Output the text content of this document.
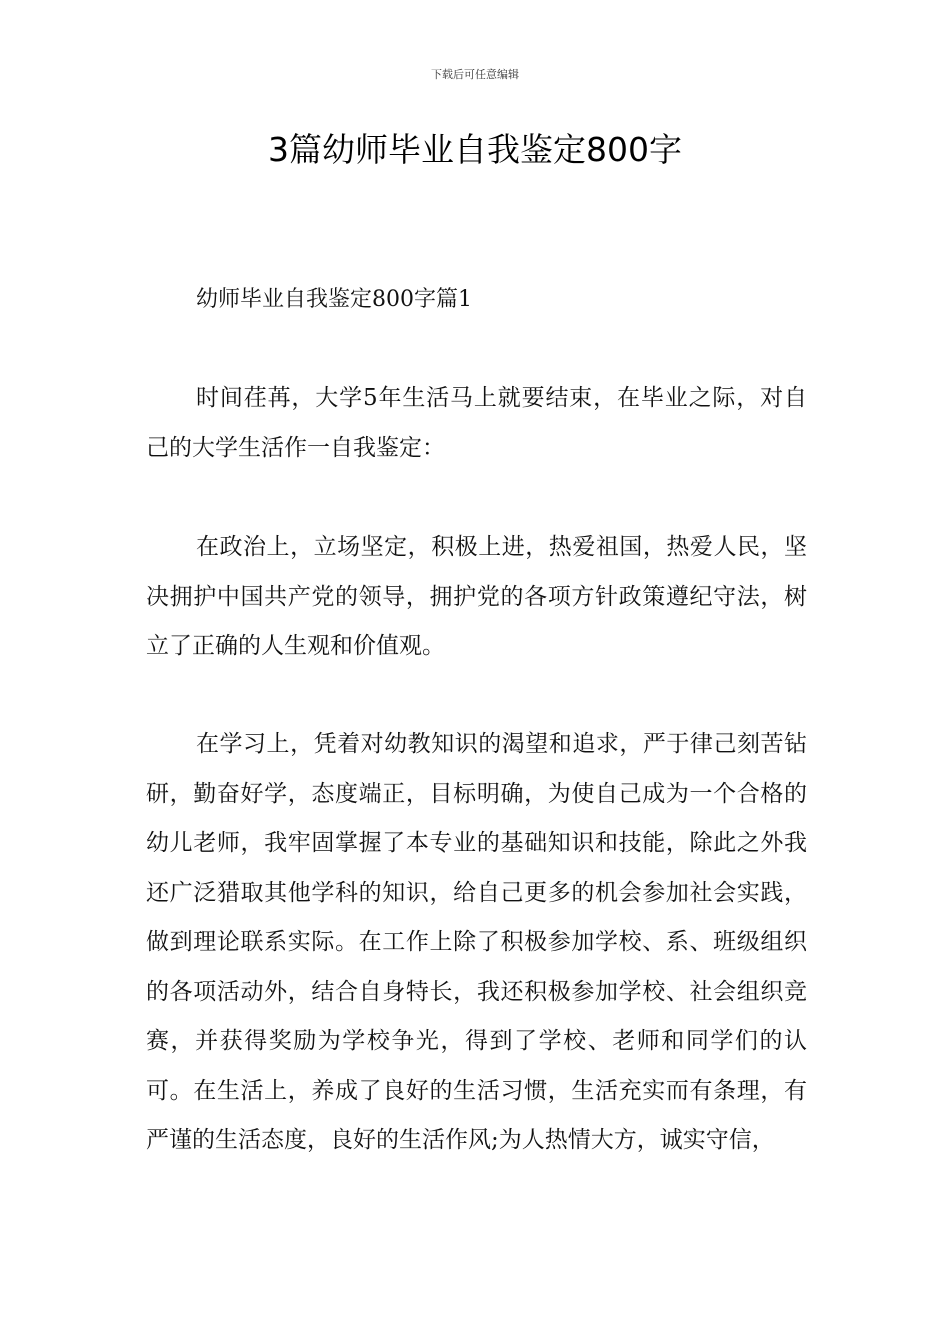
下载后可任意编辑
3篇幼师毕业自我鉴定800字
幼师毕业自我鉴定800字篇1

时间荏苒，大学5年生活马上就要结束，在毕业之际，对自己的大学生活作一自我鉴定：

在政治上，立场坚定，积极上进，热爱祖国，热爱人民，坚决拥护中国共产党的领导，拥护党的各项方针政策遵纪守法，树立了正确的人生观和价值观。

在学习上，凭着对幼教知识的渴望和追求，严于律己刻苦钻研，勤奋好学，态度端正，目标明确，为使自己成为一个合格的幼儿老师，我牢固掌握了本专业的基础知识和技能，除此之外我还广泛猎取其他学科的知识，给自己更多的机会参加社会实践，做到理论联系实际。在工作上除了积极参加学校、系、班级组织的各项活动外，结合自身特长，我还积极参加学校、社会组织竞赛，并获得奖励为学校争光，得到了学校、老师和同学们的认可。在生活上，养成了良好的生活习惯，生活充实而有条理，有严谨的生活态度，良好的生活作风;为人热情大方，诚实守信，
